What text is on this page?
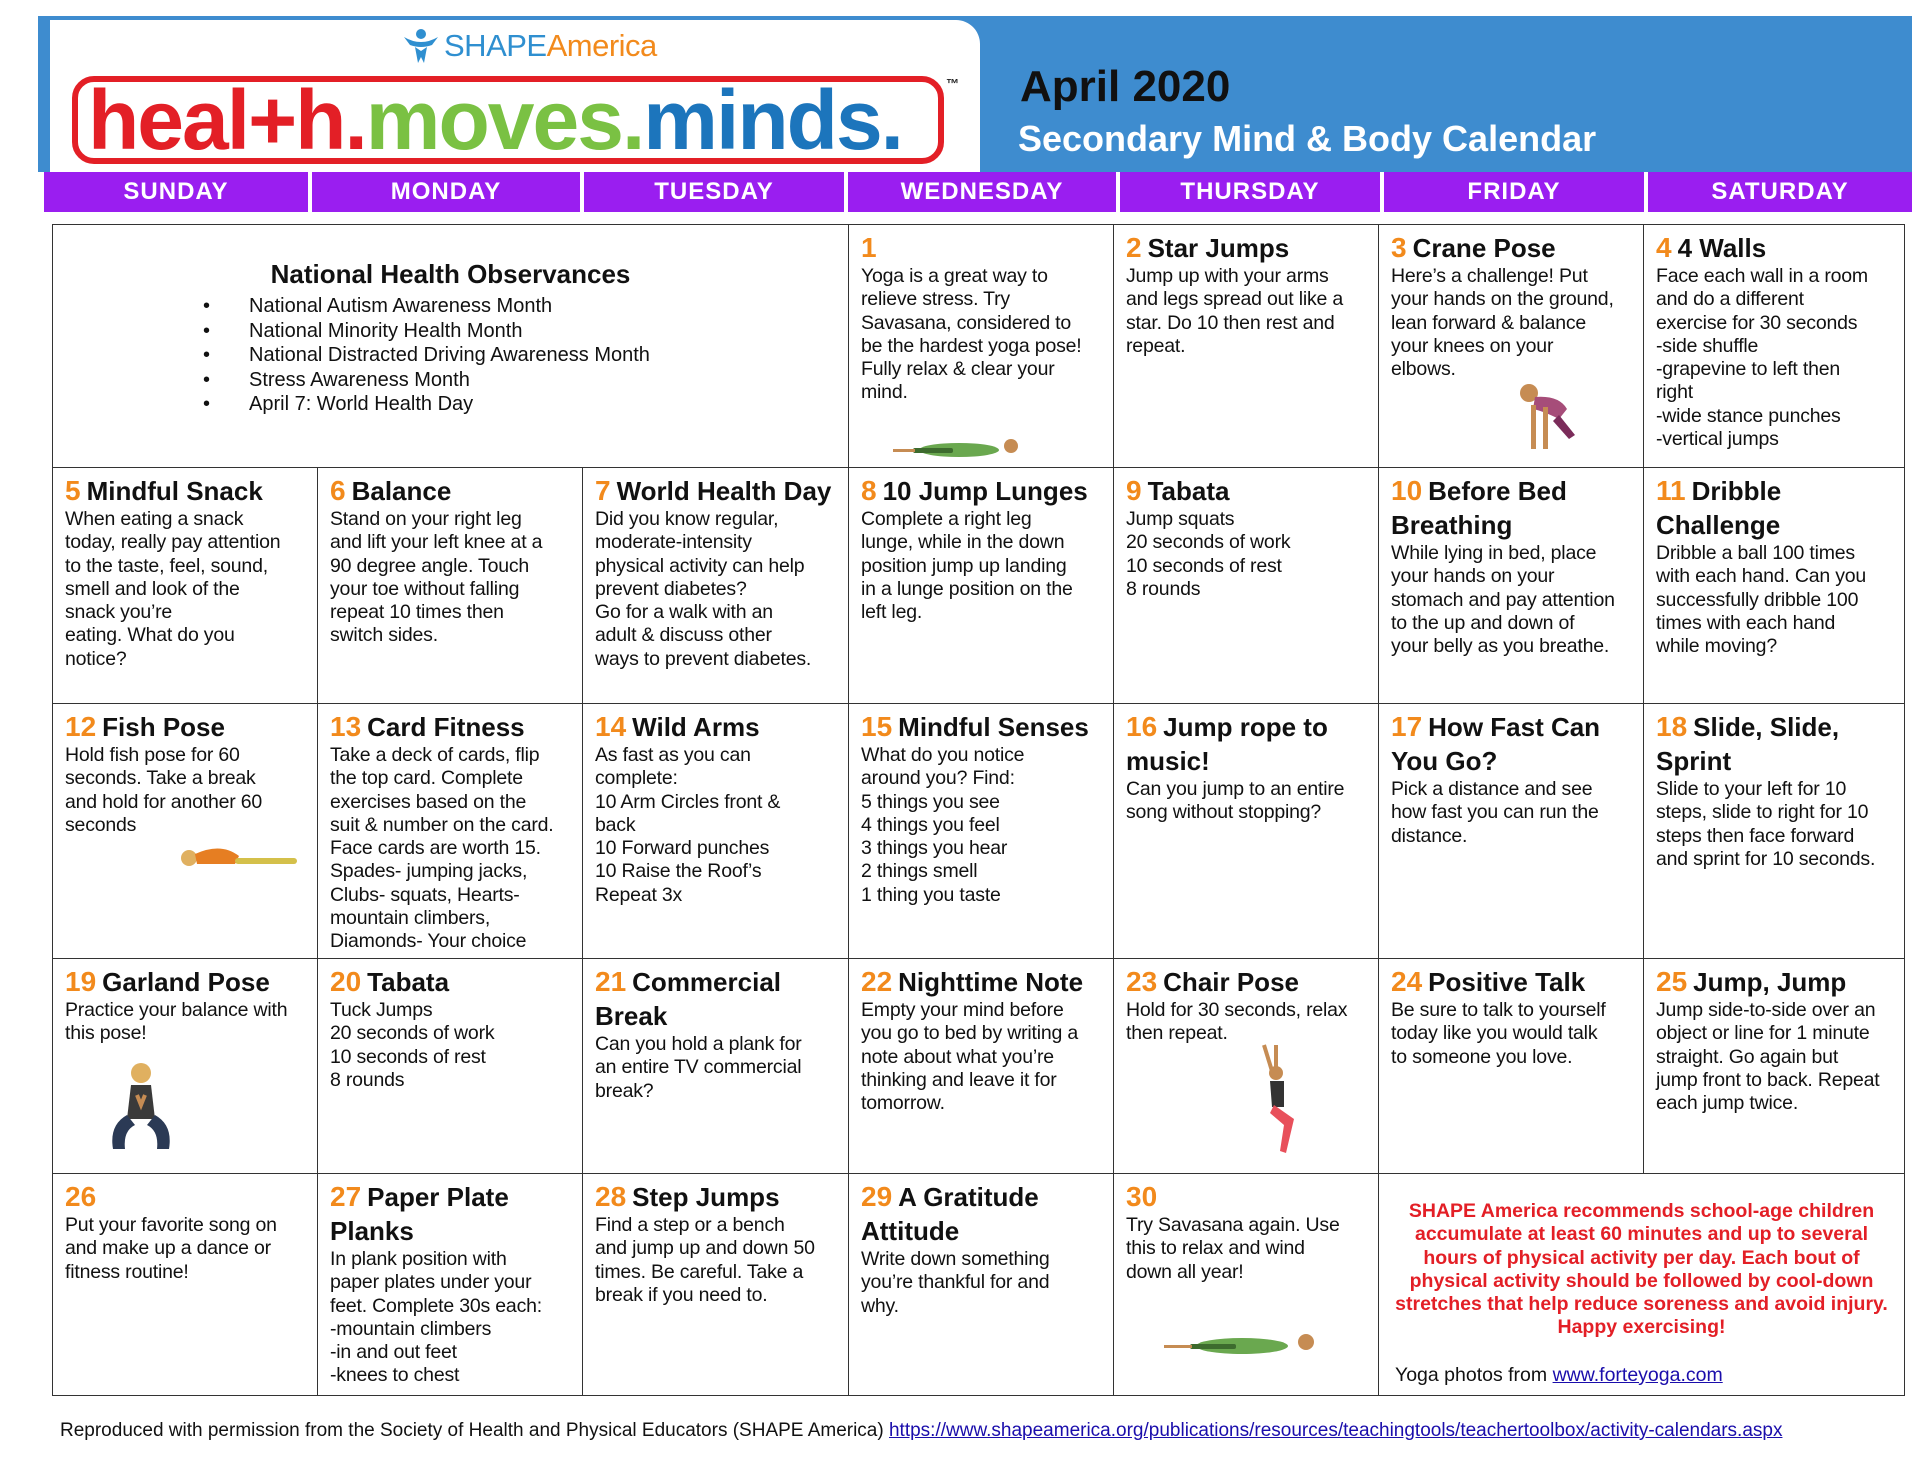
SHAPEAmerica
heal+h.moves.minds.	™ April 2020
Secondary Mind & Body Calendar
SUNDAY	MONDAY	TUESDAY	WEDNESDAY	THURSDAY	FRIDAY	SATURDAY
National Health Observances
• National Autism Awareness Month
• National Minority Health Month
• National Distracted Driving Awareness Month
• Stress Awareness Month
• April 7: World Health Day
1
Yoga is a great way to
relieve stress. Try
Savasana, considered to
be the hardest yoga pose!
Fully relax & clear your
mind.
2 Star Jumps
Jump up with your arms
and legs spread out like a
star. Do 10 then rest and
repeat.
3 Crane Pose
Here’s a challenge! Put
your hands on the ground,
lean forward & balance
your knees on your
elbows.
4 4 Walls
Face each wall in a room
and do a different
exercise for 30 seconds
-side shuffle
-grapevine to left then
right
-wide stance punches
-vertical jumps
5 Mindful Snack
When eating a snack
today, really pay attention
to the taste, feel, sound,
smell and look of the
snack you’re
eating. What do you
notice?
6 Balance
Stand on your right leg
and lift your left knee at a
90 degree angle. Touch
your toe without falling
repeat 10 times then
switch sides.
7 World Health Day
Did you know regular,
moderate-intensity
physical activity can help
prevent diabetes?
Go for a walk with an
adult & discuss other
ways to prevent diabetes.
8 10 Jump Lunges
Complete a right leg
lunge, while in the down
position jump up landing
in a lunge position on the
left leg.
9 Tabata
Jump squats
20 seconds of work
10 seconds of rest
8 rounds
10 Before Bed Breathing
While lying in bed, place
your hands on your
stomach and pay attention
to the up and down of
your belly as you breathe.
11 Dribble Challenge
Dribble a ball 100 times
with each hand. Can you
successfully dribble 100
times with each hand
while moving?
12 Fish Pose
Hold fish pose for 60
seconds. Take a break
and hold for another 60
seconds
13 Card Fitness
Take a deck of cards, flip
the top card. Complete
exercises based on the
suit & number on the card.
Face cards are worth 15.
Spades- jumping jacks,
Clubs- squats, Hearts-
mountain climbers,
Diamonds- Your choice
14 Wild Arms
As fast as you can
complete:
10 Arm Circles front &
back
10 Forward punches
10 Raise the Roof’s
Repeat 3x
15 Mindful Senses
What do you notice
around you? Find:
5 things you see
4 things you feel
3 things you hear
2 things smell
1 thing you taste
16 Jump rope to music!
Can you jump to an entire
song without stopping?
17 How Fast Can You Go?
Pick a distance and see
how fast you can run the
distance.
18 Slide, Slide, Sprint
Slide to your left for 10
steps, slide to right for 10
steps then face forward
and sprint for 10 seconds.
19 Garland Pose
Practice your balance with
this pose!
20 Tabata
Tuck Jumps
20 seconds of work
10 seconds of rest
8 rounds
21 Commercial Break
Can you hold a plank for
an entire TV commercial
break?
22 Nighttime Note
Empty your mind before
you go to bed by writing a
note about what you’re
thinking and leave it for
tomorrow.
23 Chair Pose
Hold for 30 seconds, relax
then repeat.
24 Positive Talk
Be sure to talk to yourself
today like you would talk
to someone you love.
25 Jump, Jump
Jump side-to-side over an
object or line for 1 minute
straight. Go again but
jump front to back. Repeat
each jump twice.
26
Put your favorite song on
and make up a dance or
fitness routine!
27 Paper Plate Planks
In plank position with
paper plates under your
feet. Complete 30s each:
-mountain climbers
-in and out feet
-knees to chest
28 Step Jumps
Find a step or a bench
and jump up and down 50
times. Be careful. Take a
break if you need to.
29 A Gratitude Attitude
Write down something
you’re thankful for and
why.
30
Try Savasana again. Use
this to relax and wind
down all year!
SHAPE America recommends school-age children accumulate at least 60 minutes and up to several hours of physical activity per day. Each bout of physical activity should be followed by cool-down stretches that help reduce soreness and avoid injury. Happy exercising!
Yoga photos from www.forteyoga.com
Reproduced with permission from the Society of Health and Physical Educators (SHAPE America) https://www.shapeamerica.org/publications/resources/teachingtools/teachertoolbox/activity-calendars.aspx
